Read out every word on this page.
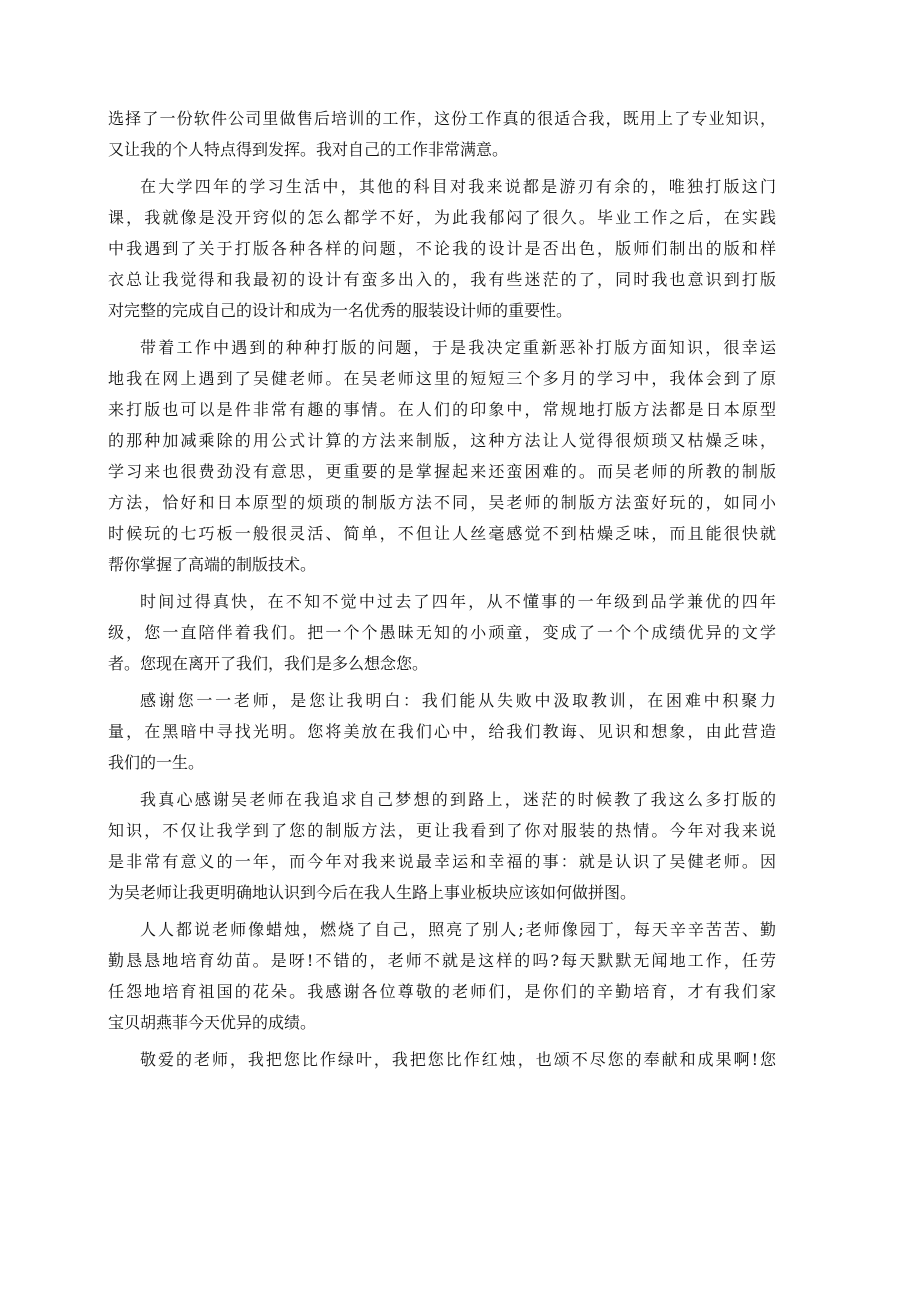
选择了一份软件公司里做售后培训的工作，这份工作真的很适合我，既用上了专业知识，
又让我的个人特点得到发挥。我对自己的工作非常满意。
在大学四年的学习生活中，其他的科目对我来说都是游刃有余的，唯独打版这门
课，我就像是没开窍似的怎么都学不好，为此我郁闷了很久。毕业工作之后，在实践
中我遇到了关于打版各种各样的问题，不论我的设计是否出色，版师们制出的版和样
衣总让我觉得和我最初的设计有蛮多出入的，我有些迷茫的了，同时我也意识到打版
对完整的完成自己的设计和成为一名优秀的服装设计师的重要性。
带着工作中遇到的种种打版的问题，于是我决定重新恶补打版方面知识，很幸运
地我在网上遇到了吴健老师。在吴老师这里的短短三个多月的学习中，我体会到了原
来打版也可以是件非常有趣的事情。在人们的印象中，常规地打版方法都是日本原型
的那种加减乘除的用公式计算的方法来制版，这种方法让人觉得很烦琐又枯燥乏味，
学习来也很费劲没有意思，更重要的是掌握起来还蛮困难的。而吴老师的所教的制版
方法，恰好和日本原型的烦琐的制版方法不同，吴老师的制版方法蛮好玩的，如同小
时候玩的七巧板一般很灵活、简单，不但让人丝毫感觉不到枯燥乏味，而且能很快就
帮你掌握了高端的制版技术。
时间过得真快，在不知不觉中过去了四年，从不懂事的一年级到品学兼优的四年
级，您一直陪伴着我们。把一个个愚昧无知的小顽童，变成了一个个成绩优异的文学
者。您现在离开了我们，我们是多么想念您。
感谢您一一老师，是您让我明白：我们能从失败中汲取教训，在困难中积聚力
量，在黑暗中寻找光明。您将美放在我们心中，给我们教诲、见识和想象，由此营造
我们的一生。
我真心感谢吴老师在我追求自己梦想的到路上，迷茫的时候教了我这么多打版的
知识，不仅让我学到了您的制版方法，更让我看到了你对服装的热情。今年对我来说
是非常有意义的一年，而今年对我来说最幸运和幸福的事：就是认识了吴健老师。因
为吴老师让我更明确地认识到今后在我人生路上事业板块应该如何做拼图。
人人都说老师像蜡烛，燃烧了自己，照亮了别人;老师像园丁，每天辛辛苦苦、勤
勤恳恳地培育幼苗。是呀!不错的，老师不就是这样的吗?每天默默无闻地工作，任劳
任怨地培育祖国的花朵。我感谢各位尊敬的老师们，是你们的辛勤培育，才有我们家
宝贝胡燕菲今天优异的成绩。
敬爱的老师，我把您比作绿叶，我把您比作红烛，也颂不尽您的奉献和成果啊!您
